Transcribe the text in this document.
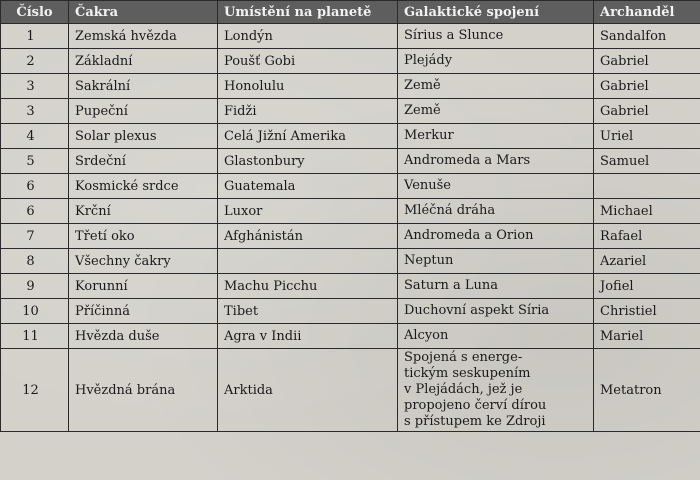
Číslo	Čakra	Umístění na planetě	Galaktické spojení	Archanděl
1	Zemská hvězda	Londýn	Sírius a Slunce	Sandalfon
2	Základní	Poušť Gobi	Plejády	Gabriel
3	Sakrální	Honolulu	Země	Gabriel
3	Pupeční	Fidži	Země	Gabriel
4	Solar plexus	Celá Jižní Amerika	Merkur	Uriel
5	Srdeční	Glastonbury	Andromeda a Mars	Samuel
6	Kosmické srdce	Guatemala	Venuše	

6	Krční	Luxor	Mléčná dráha	Michael
7	Třetí oko	Afghánistán	Andromeda a Orion	Rafael
8	Všechny čakry		Neptun	Azariel
9	Korunní	Machu Picchu	Saturn a Luna	Jofiel
10	Příčinná	Tibet	Duchovní aspekt Síria	Christiel
11	Hvězda duše	Agra v Indii	Alcyon	Mariel
12	Hvězdná brána	Arktida	Spojená s energe-
tickým seskupením
v Plejádách, jež je
propojeno červí dírou
s přístupem ke Zdroji	Metatron
